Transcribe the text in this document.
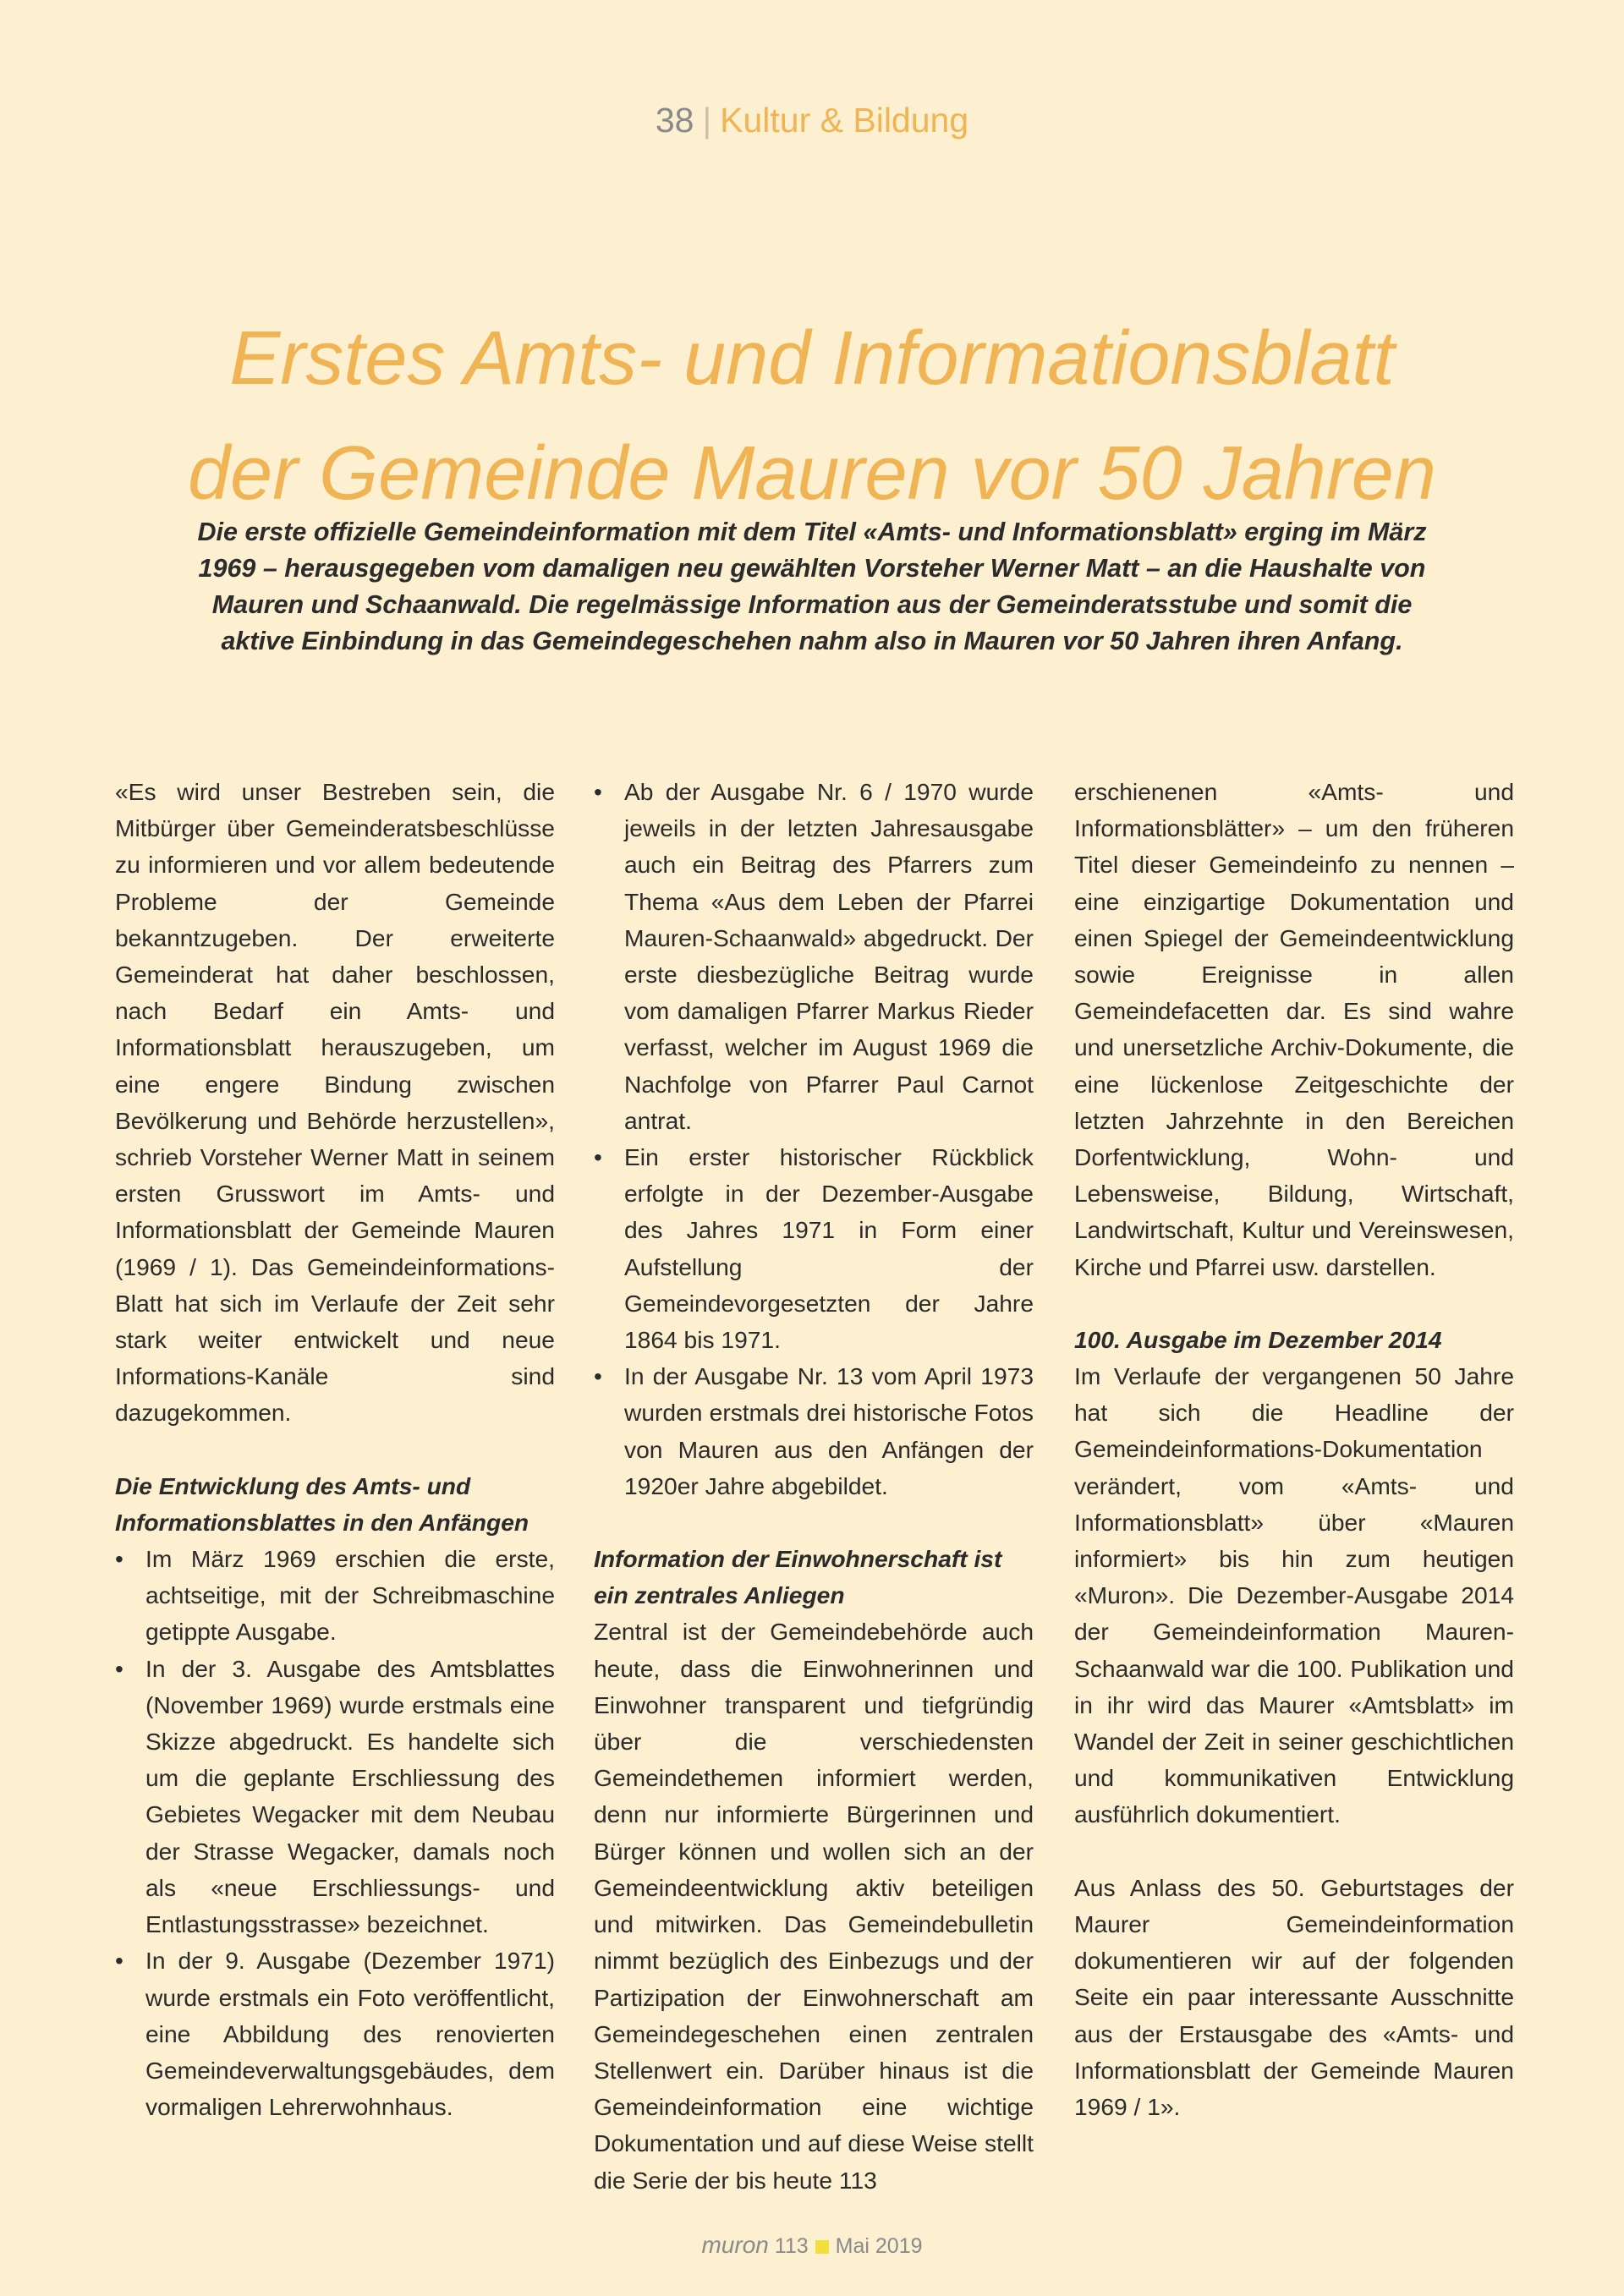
38 | Kultur & Bildung
Erstes Amts- und Informationsblatt
der Gemeinde Mauren vor 50 Jahren
Die erste offizielle Gemeindeinformation mit dem Titel «Amts- und Informationsblatt» erging im März
1969 – herausgegeben vom damaligen neu gewählten Vorsteher Werner Matt – an die Haushalte von
Mauren und Schaanwald. Die regelmässige Information aus der Gemeinderatsstube und somit die
aktive Einbindung in das Gemeindegeschehen nahm also in Mauren vor 50 Jahren ihren Anfang.

«Es wird unser Bestreben sein, die Mitbürger über Gemeinderatsbeschlüsse zu informieren und vor allem bedeutende Probleme der Gemeinde bekanntzugeben. Der erweiterte Gemeinderat hat daher beschlossen, nach Bedarf ein Amts- und Informationsblatt herauszugeben, um eine engere Bindung zwischen Bevölkerung und Behörde herzustellen», schrieb Vorsteher Werner Matt in seinem ersten Grusswort im Amts- und Informationsblatt der Gemeinde Mauren (1969 / 1). Das Gemeindeinformations-Blatt hat sich im Verlaufe der Zeit sehr stark weiter entwickelt und neue Informations-Kanäle sind dazugekommen.

Die Entwicklung des Amts- und
Informationsblattes in den Anfängen
• Im März 1969 erschien die erste, achtseitige, mit der Schreibmaschine getippte Ausgabe.
• In der 3. Ausgabe des Amtsblattes (November 1969) wurde erstmals eine Skizze abgedruckt. Es handelte sich um die geplante Erschliessung des Gebietes Wegacker mit dem Neubau der Strasse Wegacker, damals noch als «neue Erschliessungs- und Entlastungsstrasse» bezeichnet.
• In der 9. Ausgabe (Dezember 1971) wurde erstmals ein Foto veröffentlicht, eine Abbildung des renovierten Gemeindeverwaltungsgebäudes, dem vormaligen Lehrerwohnhaus.
• Ab der Ausgabe Nr. 6 / 1970 wurde jeweils in der letzten Jahresausgabe auch ein Beitrag des Pfarrers zum Thema «Aus dem Leben der Pfarrei Mauren-Schaanwald» abgedruckt. Der erste diesbezügliche Beitrag wurde vom damaligen Pfarrer Markus Rieder verfasst, welcher im August 1969 die Nachfolge von Pfarrer Paul Carnot antrat.
• Ein erster historischer Rückblick erfolgte in der Dezember-Ausgabe des Jahres 1971 in Form einer Aufstellung der Gemeindevorgesetzten der Jahre 1864 bis 1971.
• In der Ausgabe Nr. 13 vom April 1973 wurden erstmals drei historische Fotos von Mauren aus den Anfängen der 1920er Jahre abgebildet.
Information der Einwohnerschaft ist
ein zentrales Anliegen

Zentral ist der Gemeindebehörde auch heute, dass die Einwohnerinnen und Einwohner transparent und tiefgründig über die verschiedensten Gemeindethemen informiert werden, denn nur informierte Bürgerinnen und Bürger können und wollen sich an der Gemeindeentwicklung aktiv beteiligen und mitwirken. Das Gemeindebulletin nimmt bezüglich des Einbezugs und der Partizipation der Einwohnerschaft am Gemeindegeschehen einen zentralen Stellenwert ein. Darüber hinaus ist die Gemeindeinformation eine wichtige Dokumentation und auf diese Weise stellt die Serie der bis heute 113

erschienenen «Amts- und Informationsblätter» – um den früheren Titel dieser Gemeindeinfo zu nennen – eine einzigartige Dokumentation und einen Spiegel der Gemeindeentwicklung sowie Ereignisse in allen Gemeindefacetten dar. Es sind wahre und unersetzliche Archiv-Dokumente, die eine lückenlose Zeitgeschichte der letzten Jahrzehnte in den Bereichen Dorfentwicklung, Wohn- und Lebensweise, Bildung, Wirtschaft, Landwirtschaft, Kultur und Vereinswesen, Kirche und Pfarrei usw. darstellen.

100. Ausgabe im Dezember 2014

Im Verlaufe der vergangenen 50 Jahre hat sich die Headline der Gemeindeinformations-Dokumentation verändert, vom «Amts- und Informationsblatt» über «Mauren informiert» bis hin zum heutigen «Muron». Die Dezember-Ausgabe 2014 der Gemeindeinformation Mauren-Schaanwald war die 100. Publikation und in ihr wird das Maurer «Amtsblatt» im Wandel der Zeit in seiner geschichtlichen und kommunikativen Entwicklung ausführlich dokumentiert.

Aus Anlass des 50. Geburtstages der Maurer Gemeindeinformation dokumentieren wir auf der folgenden Seite ein paar interessante Ausschnitte aus der Erstausgabe des «Amts- und Informationsblatt der Gemeinde Mauren 1969 / 1».

muron 113 Mai 2019
